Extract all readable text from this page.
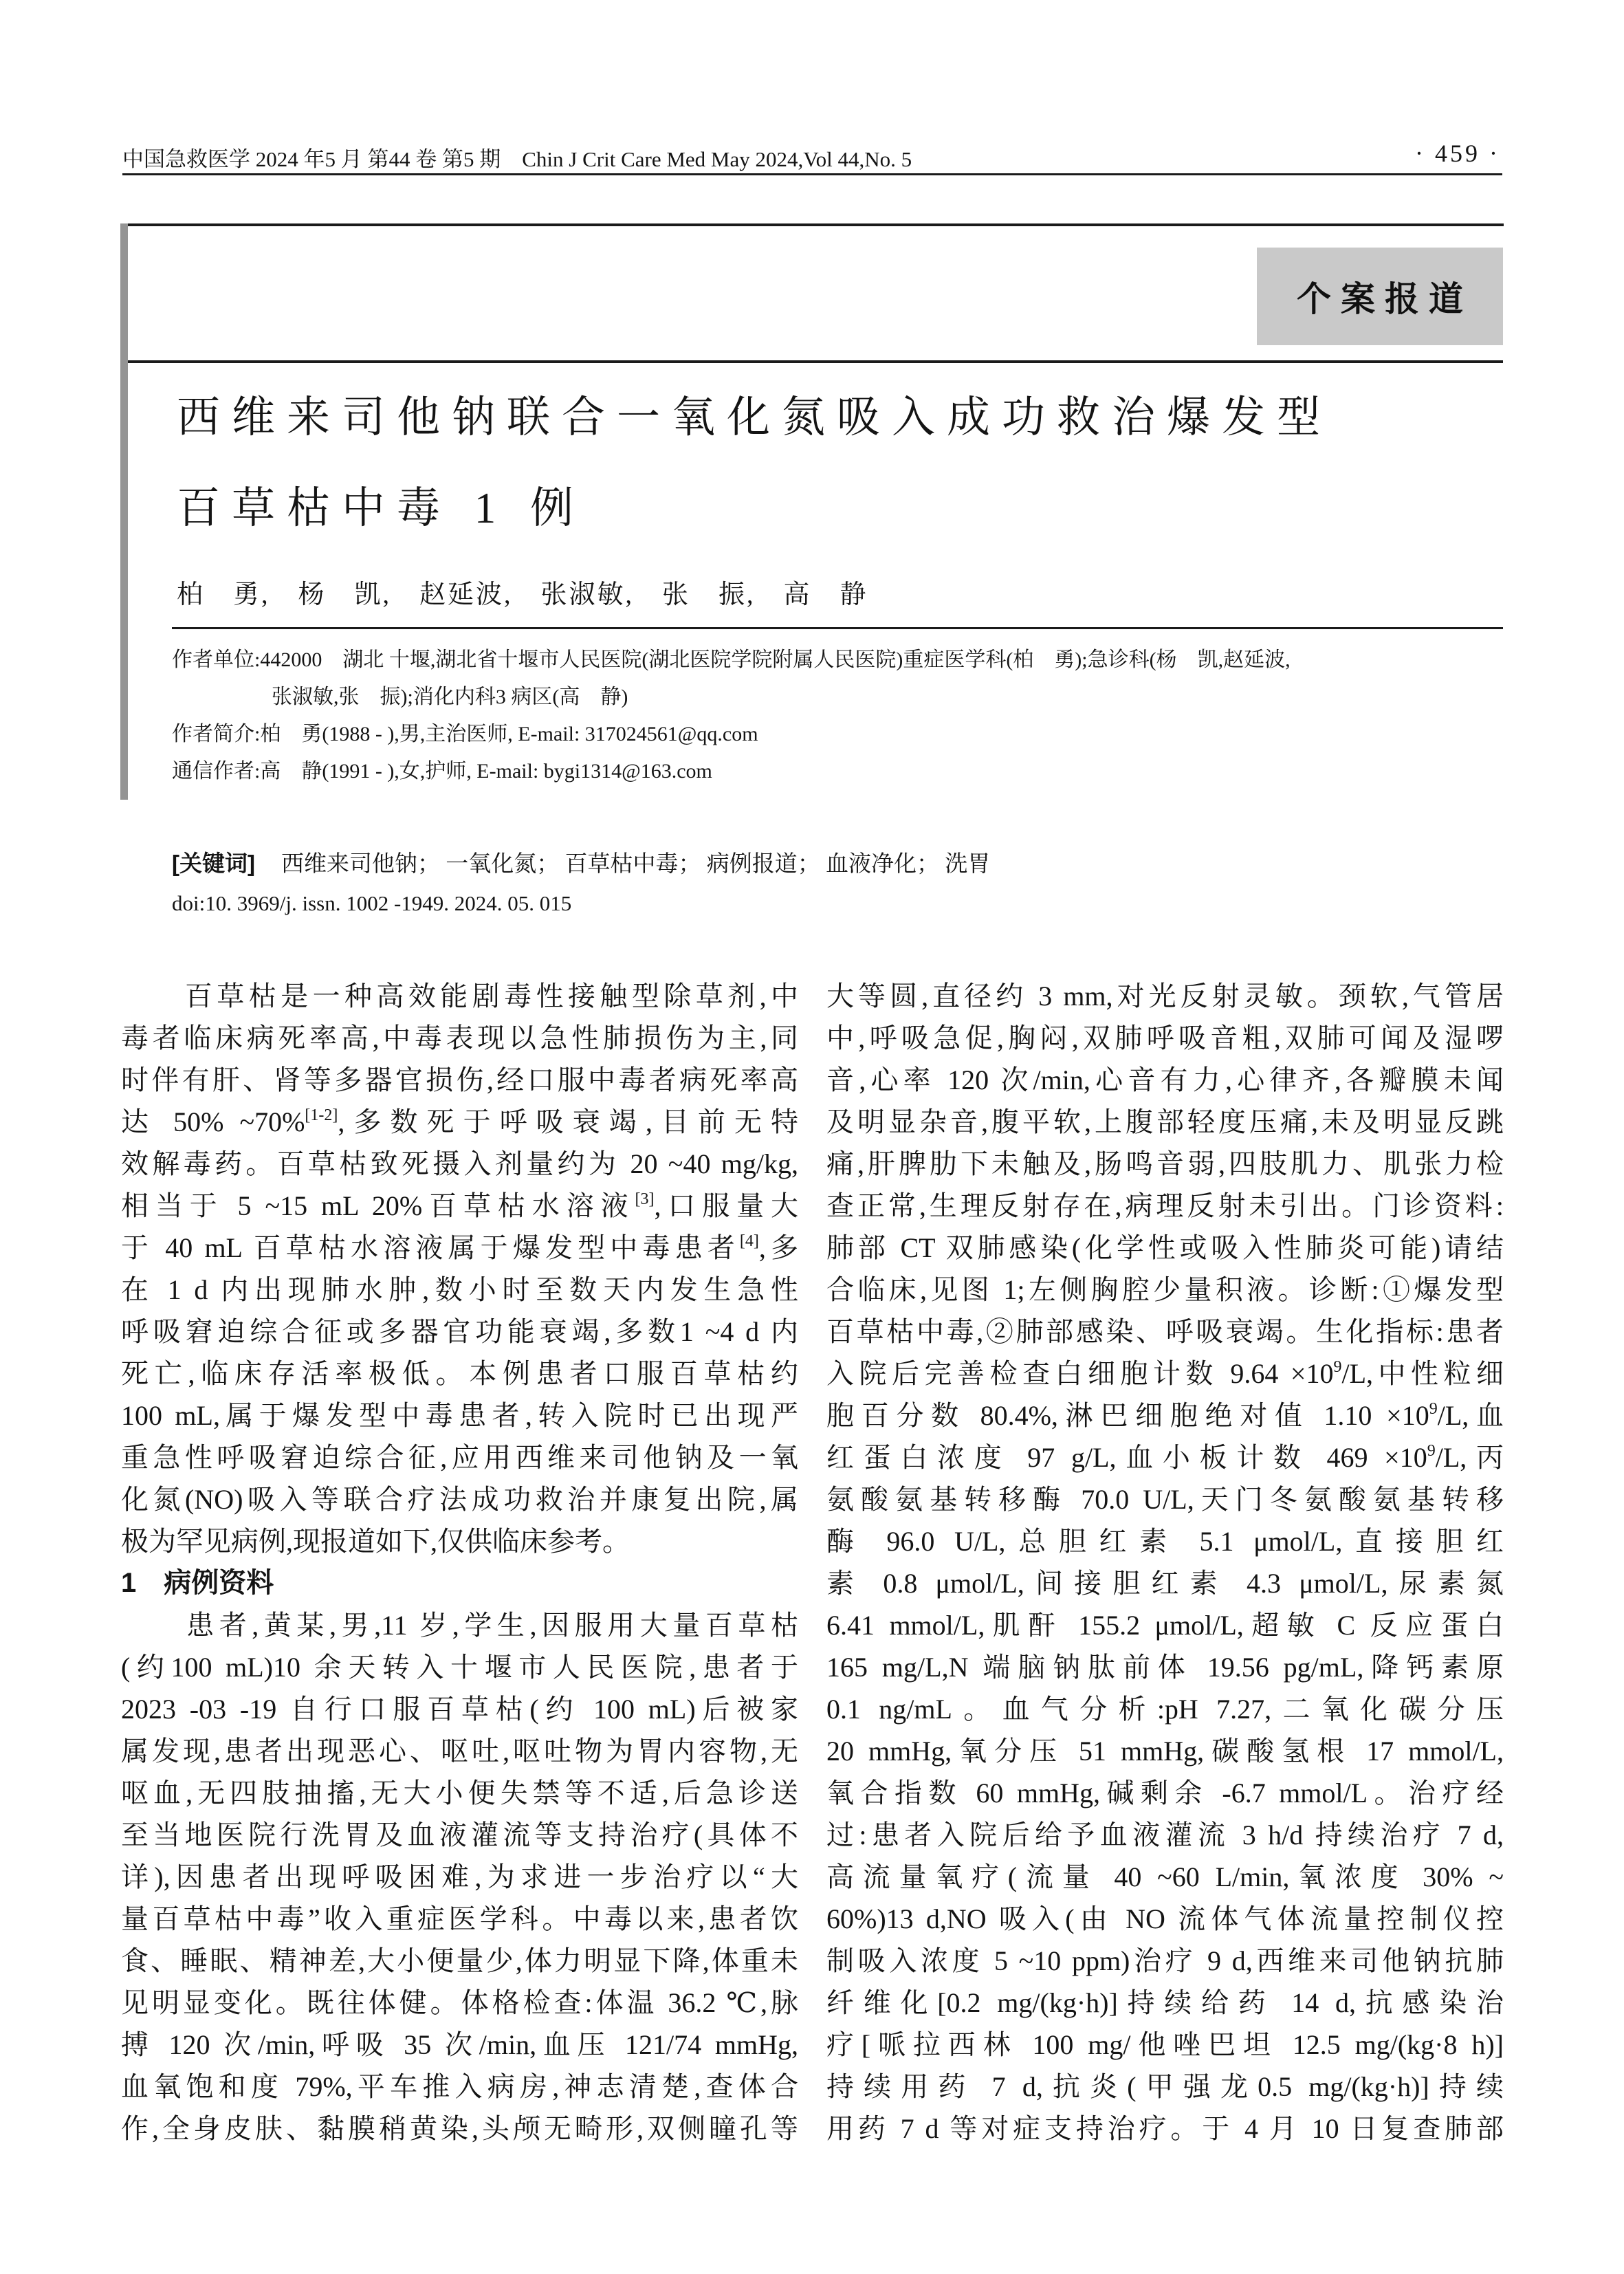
中国急救医学 2024 年5 月 第44 卷 第5 期　Chin J Crit Care Med May 2024,Vol 44,No. 5	· 459 ·
个案报道
西维来司他钠联合一氧化氮吸入成功救治爆发型
百草枯中毒 1 例
柏　勇,　杨　凯,　赵延波,　张淑敏,　张　振,　高　静
作者单位:442000　湖北 十堰,湖北省十堰市人民医院(湖北医院学院附属人民医院)重症医学科(柏　勇);急诊科(杨　凯,赵延波,
张淑敏,张　振);消化内科3 病区(高　静)
作者简介:柏　勇(1988 - ),男,主治医师, E-mail: 317024561@qq.com
通信作者:高　静(1991 - ),女,护师, E-mail: bygi1314@163.com
[关键词] 西维来司他钠； 一氧化氮； 百草枯中毒； 病例报道； 血液净化； 洗胃
doi:10. 3969/j. issn. 1002 -1949. 2024. 05. 015
　　百草枯是一种高效能剧毒性接触型除草剂,中
毒者临床病死率高,中毒表现以急性肺损伤为主,同
时伴有肝、肾等多器官损伤,经口服中毒者病死率高
达 50% ~70%[1-2],多数死于呼吸衰竭,目前无特
效解毒药。百草枯致死摄入剂量约为 20 ~40 mg/kg,
相当于 5 ~15 mL 20%百草枯水溶液[3],口服量大
于 40 mL 百草枯水溶液属于爆发型中毒患者[4],多
在 1 d 内出现肺水肿,数小时至数天内发生急性
呼吸窘迫综合征或多器官功能衰竭,多数1 ~4 d 内
死亡,临床存活率极低。本例患者口服百草枯约
100 mL,属于爆发型中毒患者,转入院时已出现严
重急性呼吸窘迫综合征,应用西维来司他钠及一氧
化氮(NO)吸入等联合疗法成功救治并康复出院,属
极为罕见病例,现报道如下,仅供临床参考。
1　病例资料
　　患者,黄某,男,11 岁,学生,因服用大量百草枯
(约100 mL)10 余天转入十堰市人民医院,患者于
2023 -03 -19 自行口服百草枯(约 100 mL)后被家
属发现,患者出现恶心、呕吐,呕吐物为胃内容物,无
呕血,无四肢抽搐,无大小便失禁等不适,后急诊送
至当地医院行洗胃及血液灌流等支持治疗(具体不
详),因患者出现呼吸困难,为求进一步治疗以“大
量百草枯中毒”收入重症医学科。中毒以来,患者饮
食、睡眠、精神差,大小便量少,体力明显下降,体重未
见明显变化。既往体健。体格检查:体温 36.2 ℃,脉
搏 120 次/min,呼吸 35 次/min,血压 121/74 mmHg,
血氧饱和度 79%,平车推入病房,神志清楚,查体合
作,全身皮肤、黏膜稍黄染,头颅无畸形,双侧瞳孔等
大等圆,直径约 3 mm,对光反射灵敏。颈软,气管居
中,呼吸急促,胸闷,双肺呼吸音粗,双肺可闻及湿啰
音,心率 120 次/min,心音有力,心律齐,各瓣膜未闻
及明显杂音,腹平软,上腹部轻度压痛,未及明显反跳
痛,肝脾肋下未触及,肠鸣音弱,四肢肌力、肌张力检
查正常,生理反射存在,病理反射未引出。门诊资料:
肺部 CT 双肺感染(化学性或吸入性肺炎可能)请结
合临床,见图 1;左侧胸腔少量积液。诊断:①爆发型
百草枯中毒,②肺部感染、呼吸衰竭。生化指标:患者
入院后完善检查白细胞计数 $9.64 \times 10^9/L$,中性粒细
胞百分数 80.4%,淋巴细胞绝对值 $1.10 \times 10^9/L$,血
红蛋白浓度 97 g/L,血小板计数 $469 \times 10^9/L$,丙
氨酸氨基转移酶 70.0 U/L,天门冬氨酸氨基转移
酶 96.0 U/L,总胆红素 5.1 μmol/L,直接胆红
素 0.8 μmol/L,间接胆红素 4.3 μmol/L,尿素氮
6.41 mmol/L,肌酐 155.2 μmol/L,超敏 C 反应蛋白
165 mg/L,N 端脑钠肽前体 19.56 pg/mL,降钙素原
0.1 ng/mL。血气分析:pH 7.27,二氧化碳分压
20 mmHg,氧分压 51 mmHg,碳酸氢根 17 mmol/L,
氧合指数 60 mmHg,碱剩余 -6.7 mmol/L。治疗经
过:患者入院后给予血液灌流 3 h/d 持续治疗 7 d,
高流量氧疗(流量 40 ~60 L/min,氧浓度 30% ~
60%)13 d,NO 吸入(由 NO 流体气体流量控制仪控
制吸入浓度 5 ~10 ppm)治疗 9 d,西维来司他钠抗肺
纤维化[0.2 mg/(kg·h)]持续给药 14 d,抗感染治
疗[哌拉西林 100 mg/他唑巴坦 12.5 mg/(kg·8 h)]
持续用药 7 d,抗炎(甲强龙0.5 mg/(kg·h)]持续
用药 7 d 等对症支持治疗。于 4 月 10 日复查肺部
